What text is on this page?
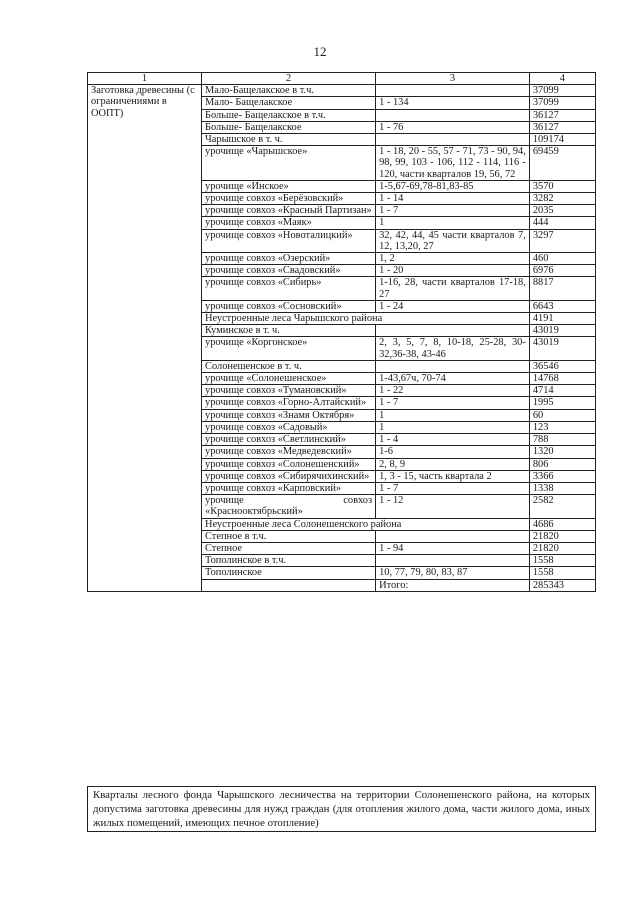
12
1	2	3	4
Заготовка древесины (с ограничениями в ООПТ)	Мало-Бащелакское в т.ч.		37099
	Мало- Бащелакское	1 - 134	37099
	Больше- Бащелакское в т.ч.		36127
	Больше- Бащелакское	1 - 76	36127
	Чарышское в т. ч.		109174
	урочище «Чарышское»	1 - 18, 20 - 55, 57 - 71, 73 - 90, 94, 98, 99, 103 - 106, 112 - 114, 116 - 120, части кварталов 19, 56, 72	69459
	урочище «Инское»	1-5,67-69,78-81,83-85	3570
	урочище совхоз «Берёзовский»	1 - 14	3282
	урочище совхоз «Красный Партизан»	1 - 7	2035
	урочище совхоз «Маяк»	1	444
	урочище совхоз «Новоталицкий»	32, 42, 44, 45 части кварталов 7, 12, 13,20, 27	3297
	урочище совхоз «Озерский»	1, 2	460
	урочище совхоз «Свадовский»	1 - 20	6976
	урочище совхоз «Сибирь»	1-16, 28, части кварталов 17-18, 27	8817
	урочище совхоз «Сосновский»	1 - 24	6643
	Неустроенные леса Чарышского района		4191
	Куминское в т. ч.		43019
	урочище «Коргонское»	2, 3, 5, 7, 8, 10-18, 25-28, 30-32,36-38, 43-46	43019
	Солонешенское в т. ч.		36546
	урочище «Солонешенское»	1-43,67ч, 70-74	14768
	урочище совхоз «Тумановский»	1 - 22	4714
	урочище совхоз «Горно-Алтайский»	1 - 7	1995
	урочище совхоз «Знамя Октября»	1	60
	урочище совхоз «Садовый»	1	123
	урочище совхоз «Светлинский»	1 - 4	788
	урочище совхоз «Медведевский»	1-6	1320
	урочище совхоз «Солонешенский»	2, 8, 9	806
	урочище совхоз «Сибирячихинский»	1, 3 - 15, часть квартала 2	3366
	урочище совхоз «Карповский»	1 - 7	1338
	урочище совхоз «Краснооктябрьский»	1 - 12	2582
	Неустроенные леса Солонешенского района		4686
	Степное в т.ч.		21820
	Степное	1 - 94	21820
	Тополинское в т.ч.		1558
	Тополинское	10, 77, 79, 80, 83, 87	1558
		Итого:	285343
Кварталы лесного фонда Чарышского лесничества на территории Солонешенского района, на которых допустима заготовка древесины для нужд граждан (для отопления жилого дома, части жилого дома, иных жилых помещений, имеющих печное отопление)
